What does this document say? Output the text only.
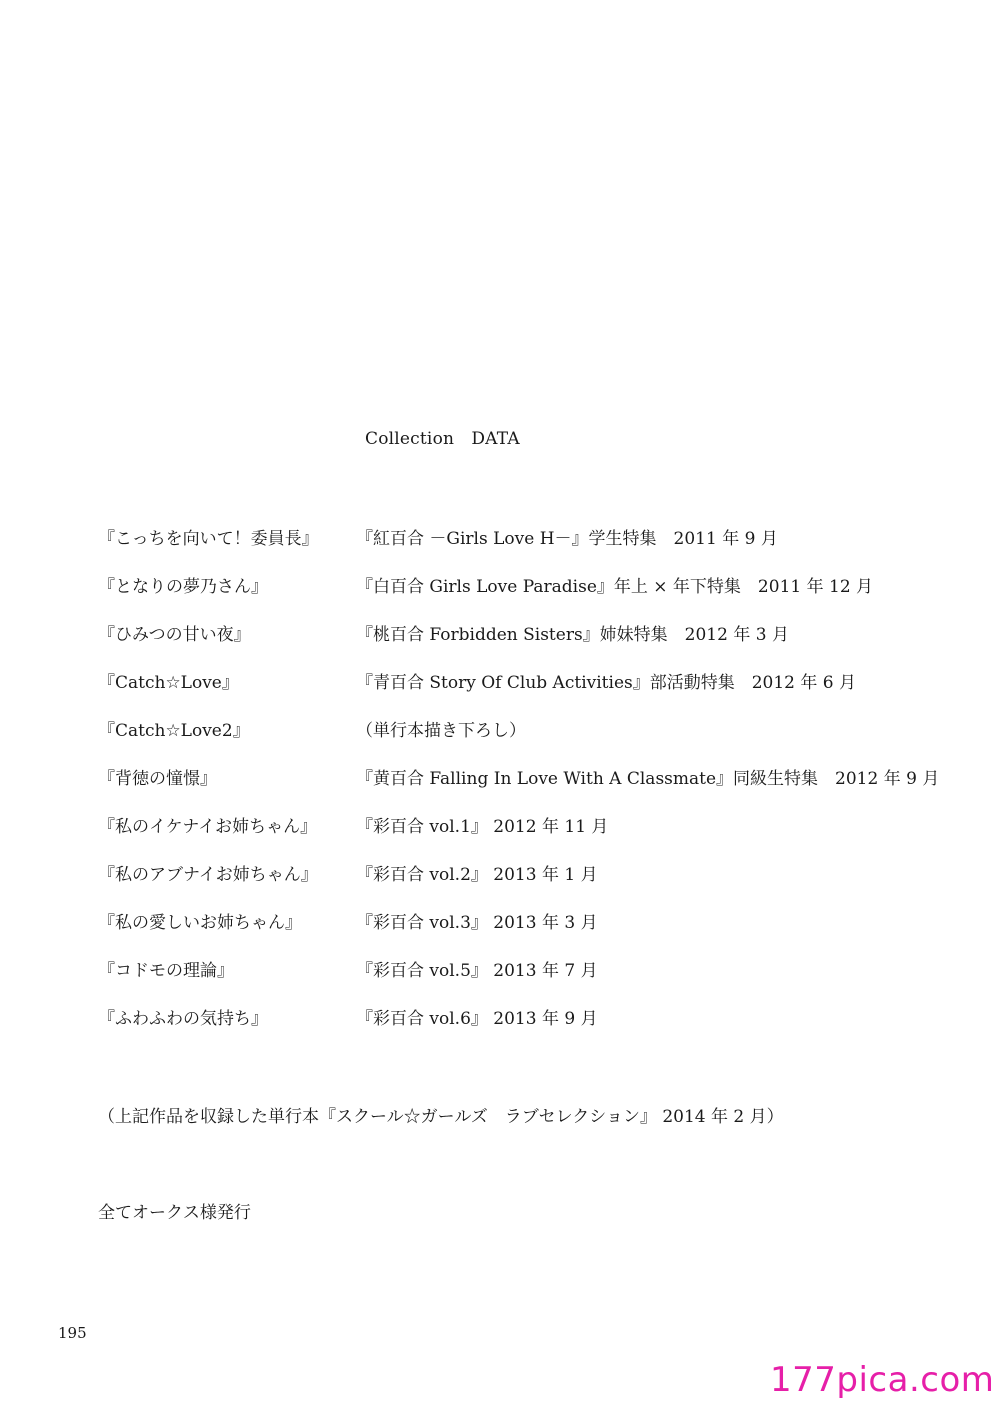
Collection　DATA
『こっちを向いて！委員長』 『紅百合 －Girls Love H－』学生特集　2011 年 9 月
『となりの夢乃さん』	『白百合 Girls Love Paradise』年上 × 年下特集　2011 年 12 月
『ひみつの甘い夜』	『桃百合 Forbidden Sisters』姉妹特集　2012 年 3 月
『Catch☆Love』	『青百合 Story Of Club Activities』部活動特集　2012 年 6 月
『Catch☆Love2』	（単行本描き下ろし）
『背徳の憧憬』	『黄百合 Falling In Love With A Classmate』同級生特集　2012 年 9 月
『私のイケナイお姉ちゃん』 『彩百合 vol.1』 2012 年 11 月
『私のアブナイお姉ちゃん』 『彩百合 vol.2』 2013 年 1 月
『私の愛しいお姉ちゃん』	『彩百合 vol.3』 2013 年 3 月
『コドモの理論』	『彩百合 vol.5』 2013 年 7 月
『ふわふわの気持ち』	『彩百合 vol.6』 2013 年 9 月
（上記作品を収録した単行本『スクール☆ガールズ　ラブセレクション』 2014 年 2 月）
全てオークス様発行
195
177pica.com
